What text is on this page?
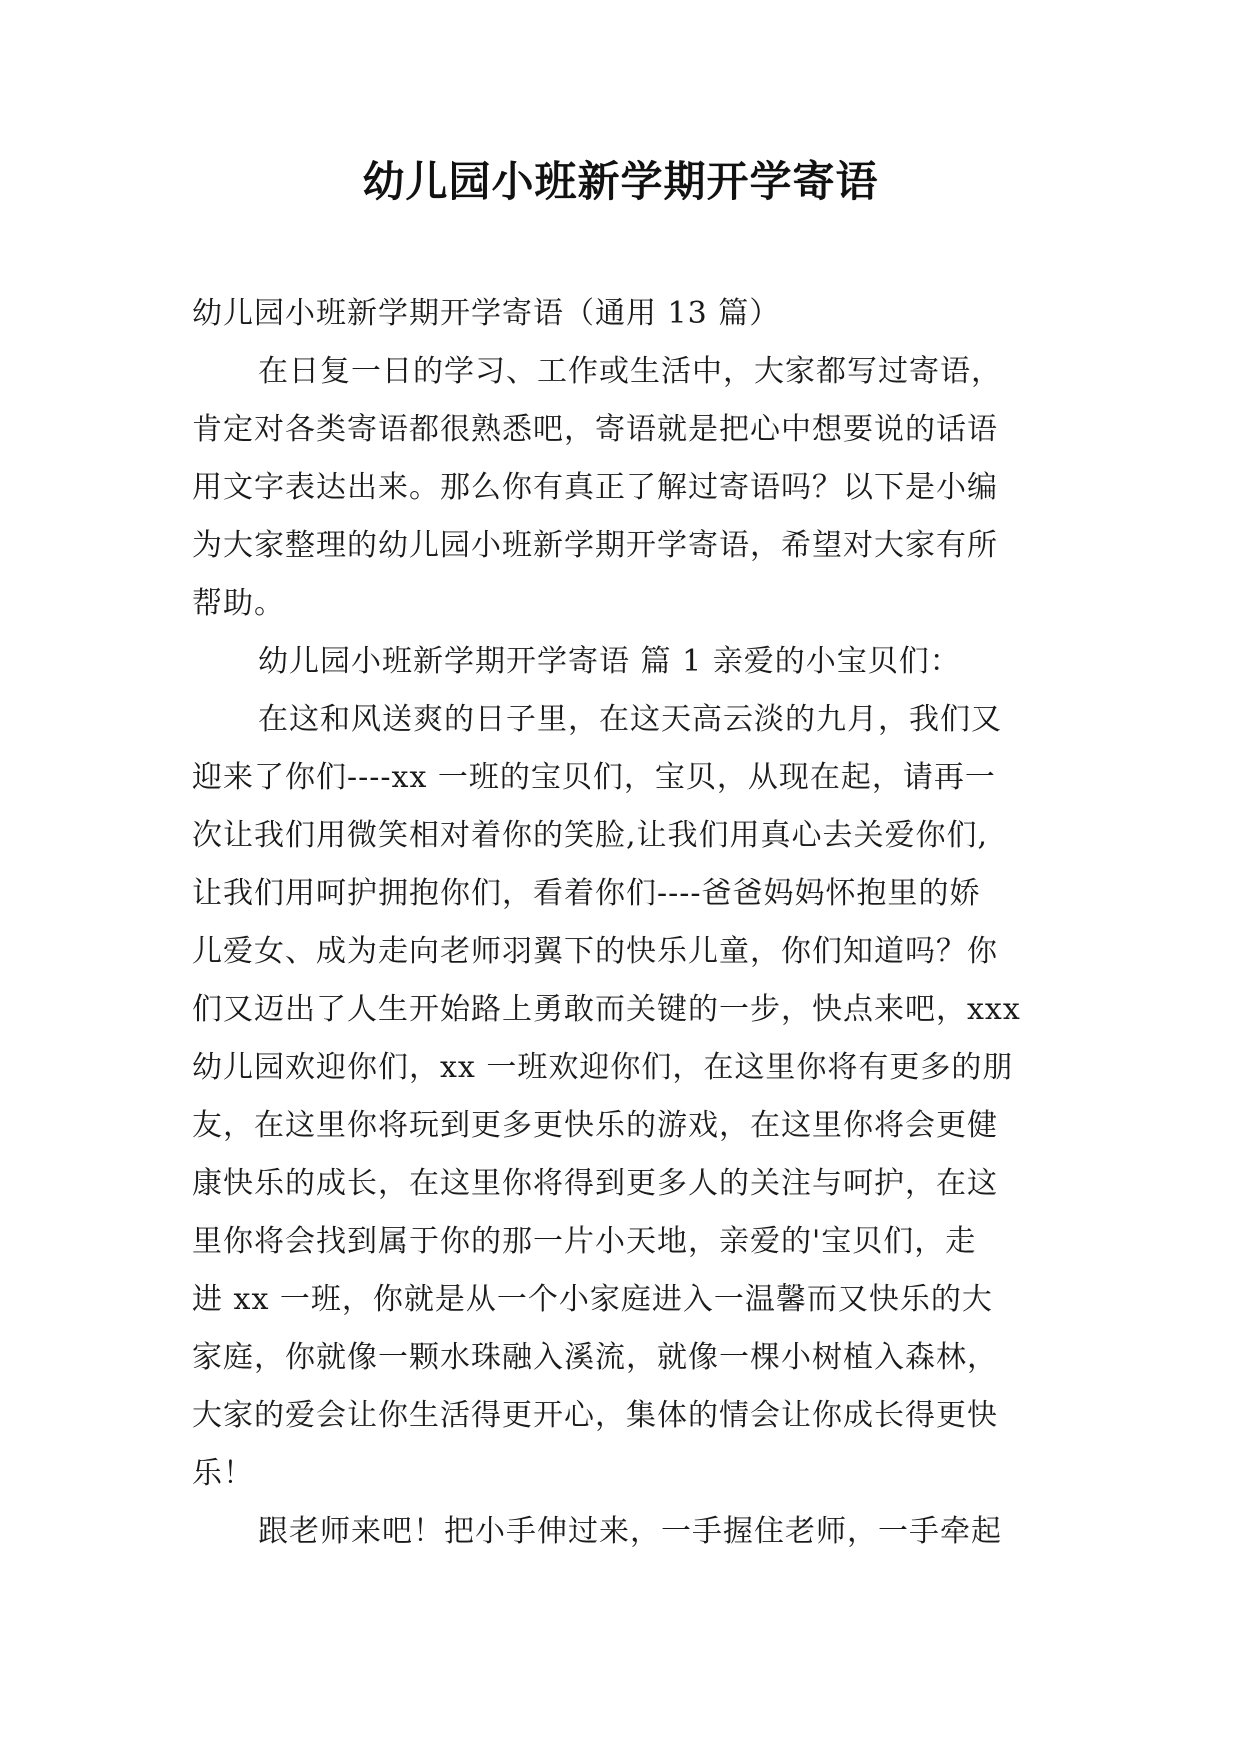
幼儿园小班新学期开学寄语
幼儿园小班新学期开学寄语（通用 13 篇）
在日复一日的学习、工作或生活中，大家都写过寄语，
肯定对各类寄语都很熟悉吧，寄语就是把心中想要说的话语
用文字表达出来。那么你有真正了解过寄语吗？以下是小编
为大家整理的幼儿园小班新学期开学寄语，希望对大家有所
帮助。
幼儿园小班新学期开学寄语 篇 1 亲爱的小宝贝们：
在这和风送爽的日子里，在这天高云淡的九月，我们又
迎来了你们----xx 一班的宝贝们，宝贝，从现在起，请再一
次让我们用微笑相对着你的笑脸,让我们用真心去关爱你们,
让我们用呵护拥抱你们，看着你们----爸爸妈妈怀抱里的娇
儿爱女、成为走向老师羽翼下的快乐儿童，你们知道吗？你
们又迈出了人生开始路上勇敢而关键的一步，快点来吧，xxx
幼儿园欢迎你们，xx 一班欢迎你们，在这里你将有更多的朋
友，在这里你将玩到更多更快乐的游戏，在这里你将会更健
康快乐的成长，在这里你将得到更多人的关注与呵护，在这
里你将会找到属于你的那一片小天地，亲爱的'宝贝们，走
进 xx 一班，你就是从一个小家庭进入一温馨而又快乐的大
家庭，你就像一颗水珠融入溪流，就像一棵小树植入森林，
大家的爱会让你生活得更开心，集体的情会让你成长得更快
乐！
跟老师来吧！把小手伸过来，一手握住老师，一手牵起
